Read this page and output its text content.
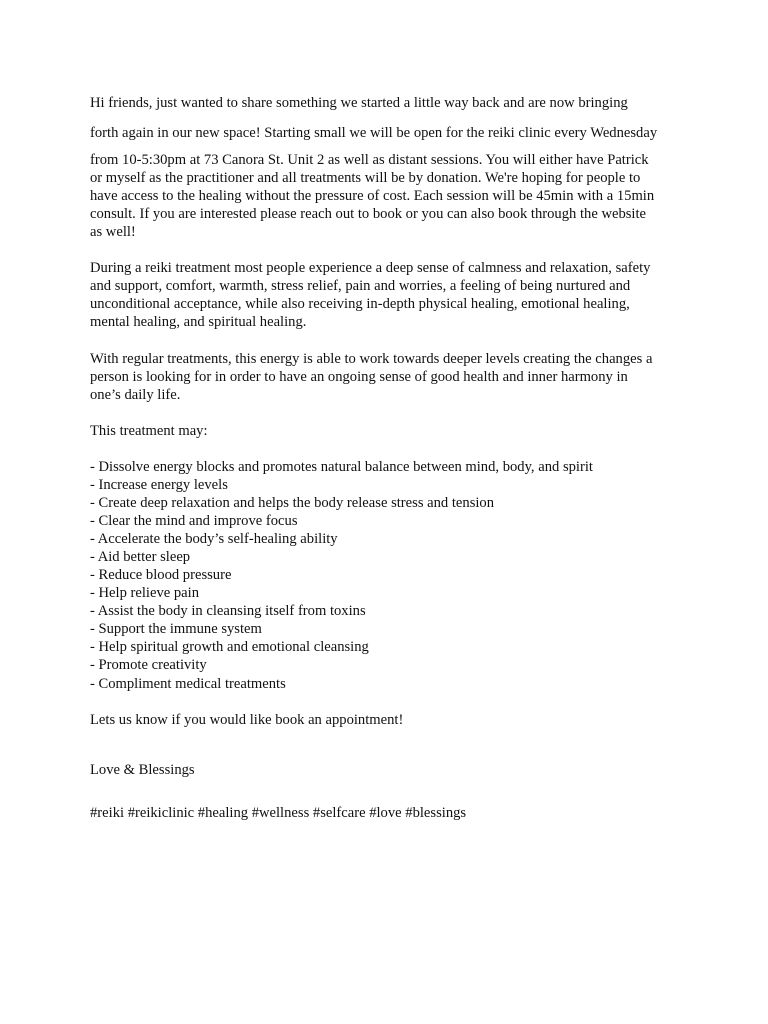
Hi friends, just wanted to share something we started a little way back and are now bringing
forth again in our new space! Starting small we will be open for the reiki clinic every Wednesday
from 10-5:30pm at 73 Canora St. Unit 2 as well as distant sessions. You will either have Patrick
or myself as the practitioner and all treatments will be by donation. We're hoping for people to
have access to the healing without the pressure of cost. Each session will be 45min with a 15min
consult. If you are interested please reach out to book or you can also book through the website
as well!
During a reiki treatment most people experience a deep sense of calmness and relaxation, safety
and support, comfort, warmth, stress relief, pain and worries, a feeling of being nurtured and
unconditional acceptance, while also receiving in-depth physical healing, emotional healing,
mental healing, and spiritual healing.
With regular treatments, this energy is able to work towards deeper levels creating the changes a
person is looking for in order to have an ongoing sense of good health and inner harmony in
one’s daily life.
This treatment may:
- Dissolve energy blocks and promotes natural balance between mind, body, and spirit
- Increase energy levels
- Create deep relaxation and helps the body release stress and tension
- Clear the mind and improve focus
- Accelerate the body’s self-healing ability
- Aid better sleep
- Reduce blood pressure
- Help relieve pain
- Assist the body in cleansing itself from toxins
- Support the immune system
- Help spiritual growth and emotional cleansing
- Promote creativity
- Compliment medical treatments
Lets us know if you would like book an appointment!
Love & Blessings
#reiki #reikiclinic #healing #wellness #selfcare #love #blessings
